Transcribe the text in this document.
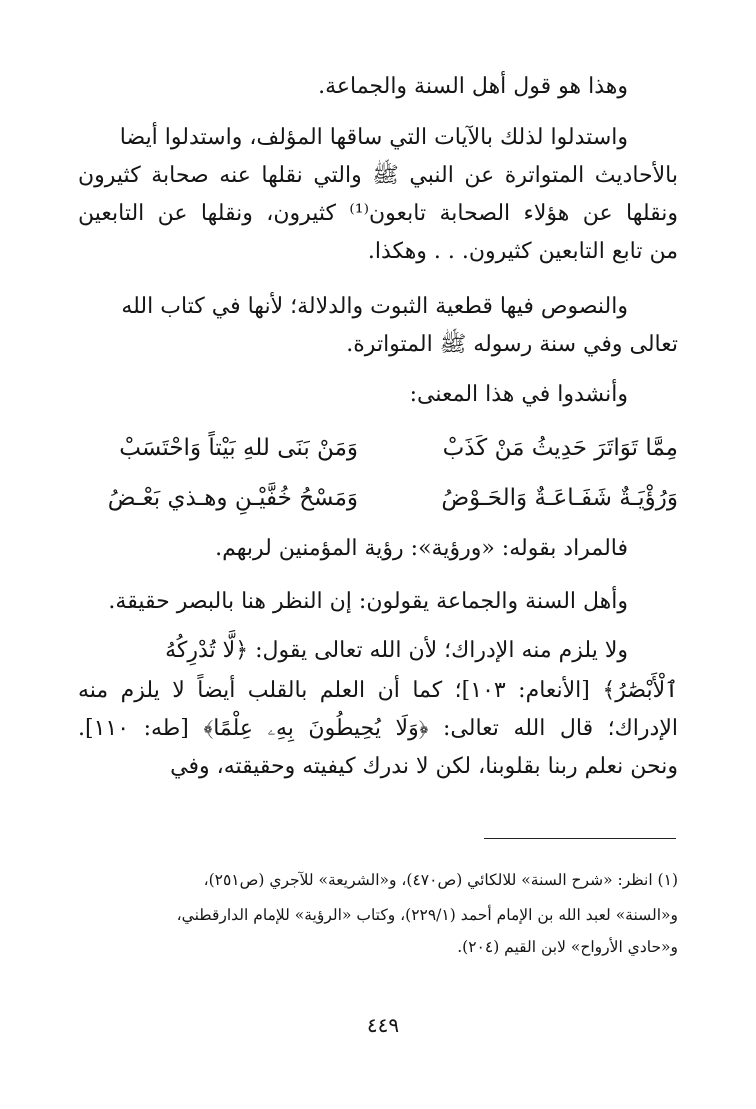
وهذا هو قول أهل السنة والجماعة.
واستدلوا لذلك بالآيات التي ساقها المؤلف، واستدلوا أيضا
بالأحاديث المتواترة عن النبي ﷺ والتي نقلها عنه صحابة كثيرون
ونقلها عن هؤلاء الصحابة تابعون⁽¹⁾ كثيرون، ونقلها عن التابعين
من تابع التابعين كثيرون. . . وهكذا.
والنصوص فيها قطعية الثبوت والدلالة؛ لأنها في كتاب الله
تعالى وفي سنة رسوله ﷺ المتواترة.
وأنشدوا في هذا المعنى:
مِمَّا تَوَاتَرَ حَدِيثُ مَنْ كَذَبْ
وَمَنْ بَنَى للهِ بَيْتاً وَاحْتَسَبْ
وَرُؤْيَـةٌ شَفَـاعَـةٌ وَالحَـوْضُ
وَمَسْحُ خُفَّيْـنِ وهـذي بَعْـضُ
فالمراد بقوله: «ورؤية»: رؤية المؤمنين لربهم.
وأهل السنة والجماعة يقولون: إن النظر هنا بالبصر حقيقة.
ولا يلزم منه الإدراك؛ لأن الله تعالى يقول: ﴿لَّا تُدْرِكُهُ
ٱلْأَبْصَٰرُ﴾ [الأنعام: ١٠٣]؛ كما أن العلم بالقلب أيضاً لا يلزم منه
الإدراك؛ قال الله تعالى: ﴿وَلَا يُحِيطُونَ بِهِۦ عِلْمًا﴾ [طه: ١١٠].
ونحن نعلم ربنا بقلوبنا، لكن لا ندرك كيفيته وحقيقته، وفي
(١) انظر: «شرح السنة» للالكائي (ص٤٧٠)، و«الشريعة» للآجري (ص٢٥١)،
و«السنة» لعبد الله بن الإمام أحمد (٢٢٩/١)، وكتاب «الرؤية» للإمام الدارقطني،
و«حادي الأرواح» لابن القيم (٢٠٤).
٤٤٩
